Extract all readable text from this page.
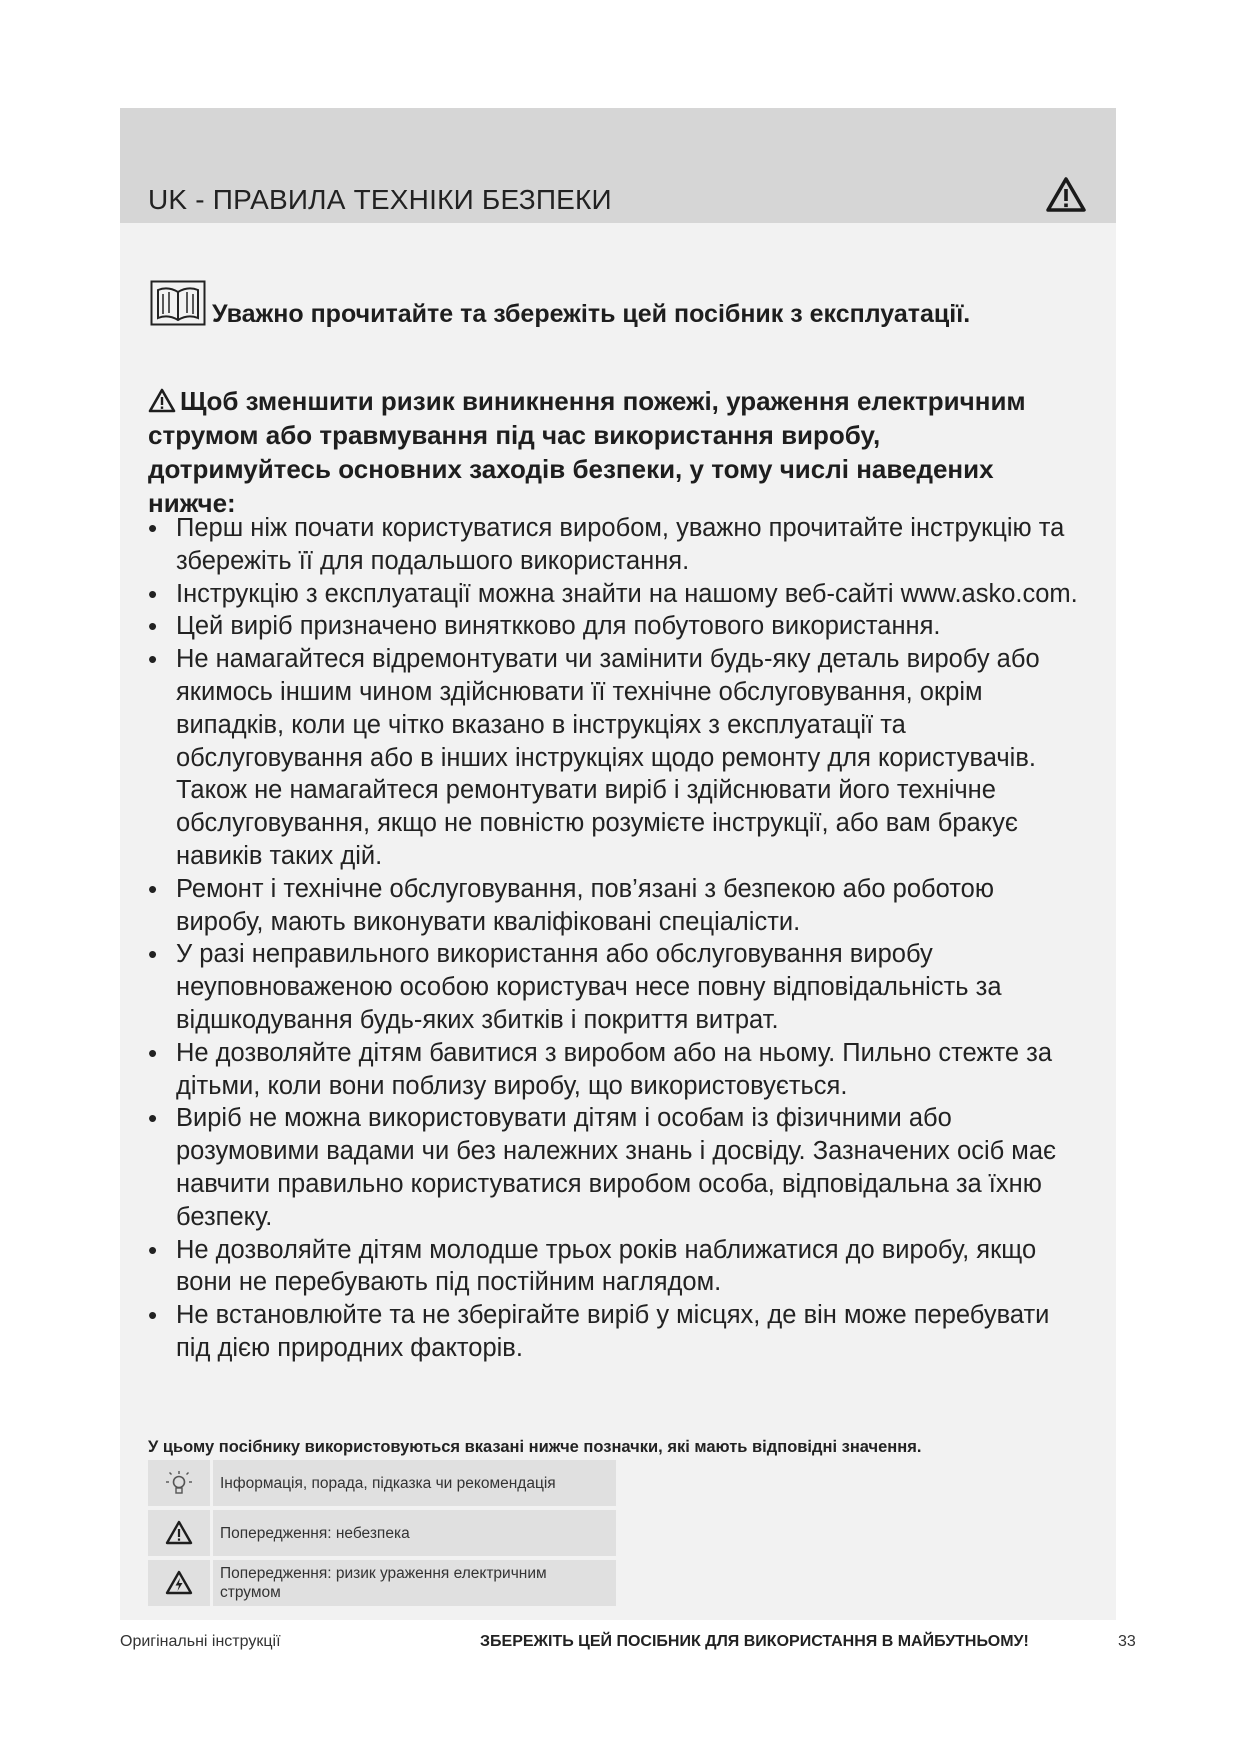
UK - ПРАВИЛА ТЕХНІКИ БЕЗПЕКИ
Уважно прочитайте та збережіть цей посібник з експлуатації.
Щоб зменшити ризик виникнення пожежі, ураження електричним струмом або травмування під час використання виробу, дотримуйтесь основних заходів безпеки, у тому числі наведених нижче:
• Перш ніж почати користуватися виробом, уважно прочитайте інструкцію та збережіть її для подальшого використання.
• Інструкцію з експлуатації можна знайти на нашому веб-сайті www.asko.com.
• Цей виріб призначено виняткково для побутового використання.
• Не намагайтеся відремонтувати чи замінити будь-яку деталь виробу або якимось іншим чином здійснювати її технічне обслуговування, окрім випадків, коли це чітко вказано в інструкціях з експлуатації та обслуговування або в інших інструкціях щодо ремонту для користувачів. Також не намагайтеся ремонтувати виріб і здійснювати його технічне обслуговування, якщо не повністю розумієте інструкції, або вам бракує навиків таких дій.
• Ремонт і технічне обслуговування, пов’язані з безпекою або роботою виробу, мають виконувати кваліфіковані спеціалісти.
• У разі неправильного використання або обслуговування виробу неуповноваженою особою користувач несе повну відповідальність за відшкодування будь-яких збитків і покриття витрат.
• Не дозволяйте дітям бавитися з виробом або на ньому. Пильно стежте за дітьми, коли вони поблизу виробу, що використовується.
• Виріб не можна використовувати дітям і особам із фізичними або розумовими вадами чи без належних знань і досвіду. Зазначених осіб має навчити правильно користуватися виробом особа, відповідальна за їхню безпеку.
• Не дозволяйте дітям молодше трьох років наближатися до виробу, якщо вони не перебувають під постійним наглядом.
• Не встановлюйте та не зберігайте виріб у місцях, де він може перебувати під дією природних факторів.
У цьому посібнику використовуються вказані нижче позначки, які мають відповідні значення.
Інформація, порада, підказка чи рекомендація
Попередження: небезпека
Попередження: ризик ураження електричним струмом
Оригінальні інструкції	ЗБЕРЕЖІТЬ ЦЕЙ ПОСІБНИК ДЛЯ ВИКОРИСТАННЯ В МАЙБУТНЬОМУ!	33
